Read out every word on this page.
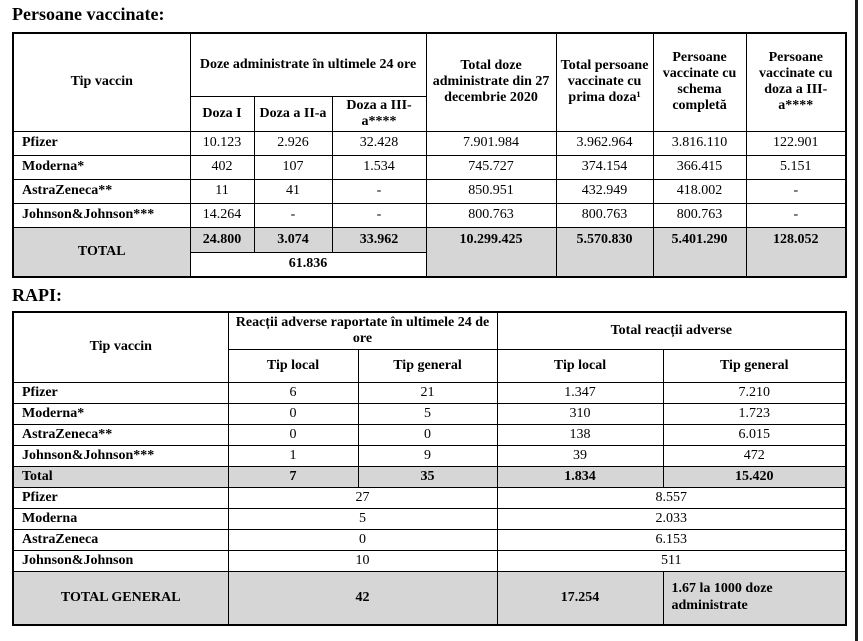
Persoane vaccinate:
Tip vaccin	Doze administrate în ultimele 24 ore			Total doze administrate din 27 decembrie 2020	Total persoane vaccinate cu prima doza¹	Persoane vaccinate cu schema completă	Persoane vaccinate cu doza a III-a****
	Doza I	Doza a II-a	Doza a III-a****				
Pfizer	10.123	2.926	32.428	7.901.984	3.962.964	3.816.110	122.901
Moderna*	402	107	1.534	745.727	374.154	366.415	5.151
AstraZeneca**	11	41	-	850.951	432.949	418.002	-
Johnson&Johnson***	14.264	-	-	800.763	800.763	800.763	-
TOTAL	24.800	3.074	33.962	10.299.425	5.570.830	5.401.290	128.052
	61.836						
RAPI:
Tip vaccin	Reacții adverse raportate în ultimele 24 de ore		Total reacții adverse	
	Tip local	Tip general	Tip local	Tip general
Pfizer	6	21	1.347	7.210
Moderna*	0	5	310	1.723
AstraZeneca**	0	0	138	6.015
Johnson&Johnson***	1	9	39	472
Total	7	35	1.834	15.420
Pfizer	27		8.557	
Moderna	5		2.033	
AstraZeneca	0		6.153	
Johnson&Johnson	10		511	
TOTAL GENERAL	42		17.254	1.67 la 1000 doze administrate
